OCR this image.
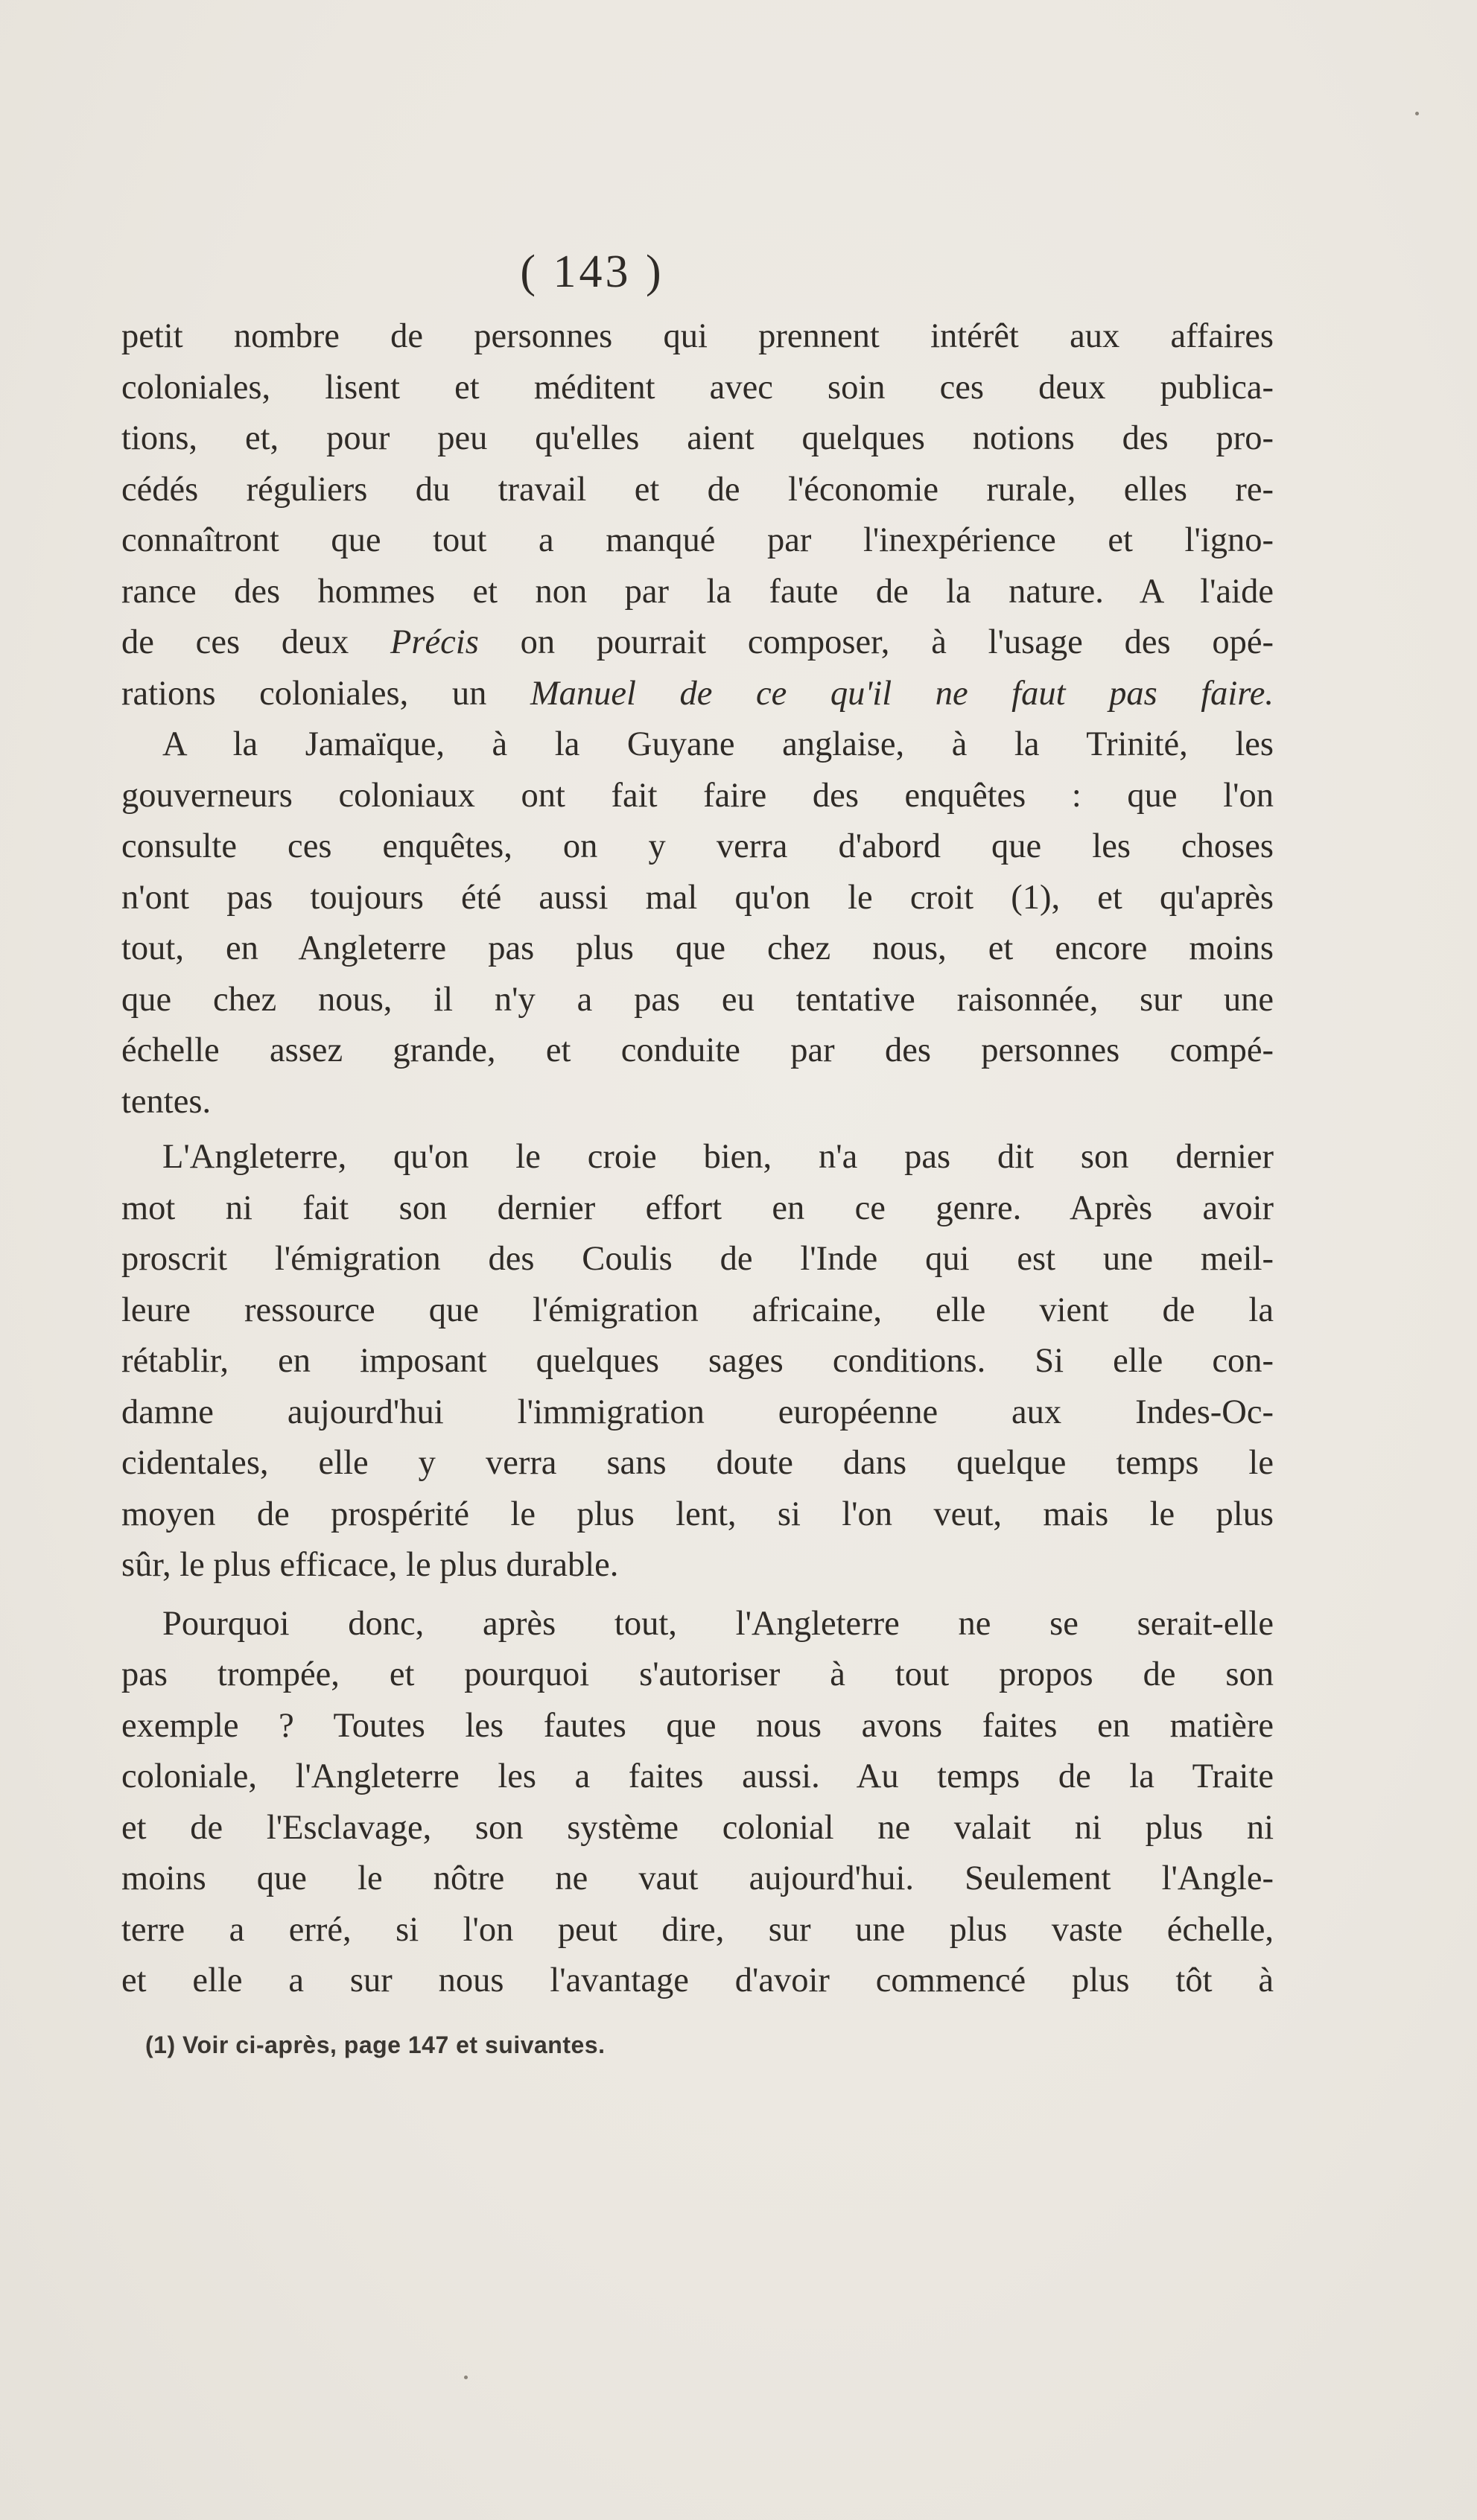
( 143 )
petit nombre de personnes qui prennent intérêt aux affaires
coloniales, lisent et méditent avec soin ces deux publica-
tions, et, pour peu qu'elles aient quelques notions des pro-
cédés réguliers du travail et de l'économie rurale, elles re-
connaîtront que tout a manqué par l'inexpérience et l'igno-
rance des hommes et non par la faute de la nature. A l'aide
de ces deux Précis on pourrait composer, à l'usage des opé-
rations coloniales, un Manuel de ce qu'il ne faut pas faire.
A la Jamaïque, à la Guyane anglaise, à la Trinité, les
gouverneurs coloniaux ont fait faire des enquêtes : que l'on
consulte ces enquêtes, on y verra d'abord que les choses
n'ont pas toujours été aussi mal qu'on le croit (1), et qu'après
tout, en Angleterre pas plus que chez nous, et encore moins
que chez nous, il n'y a pas eu tentative raisonnée, sur une
échelle assez grande, et conduite par des personnes compé-
tentes.
L'Angleterre, qu'on le croie bien, n'a pas dit son dernier
mot ni fait son dernier effort en ce genre. Après avoir
proscrit l'émigration des Coulis de l'Inde qui est une meil-
leure ressource que l'émigration africaine, elle vient de la
rétablir, en imposant quelques sages conditions. Si elle con-
damne aujourd'hui l'immigration européenne aux Indes-Oc-
cidentales, elle y verra sans doute dans quelque temps le
moyen de prospérité le plus lent, si l'on veut, mais le plus
sûr, le plus efficace, le plus durable.
Pourquoi donc, après tout, l'Angleterre ne se serait-elle
pas trompée, et pourquoi s'autoriser à tout propos de son
exemple ? Toutes les fautes que nous avons faites en matière
coloniale, l'Angleterre les a faites aussi. Au temps de la Traite
et de l'Esclavage, son système colonial ne valait ni plus ni
moins que le nôtre ne vaut aujourd'hui. Seulement l'Angle-
terre a erré, si l'on peut dire, sur une plus vaste échelle,
et elle a sur nous l'avantage d'avoir commencé plus tôt à
(1) Voir ci-après, page 147 et suivantes.
